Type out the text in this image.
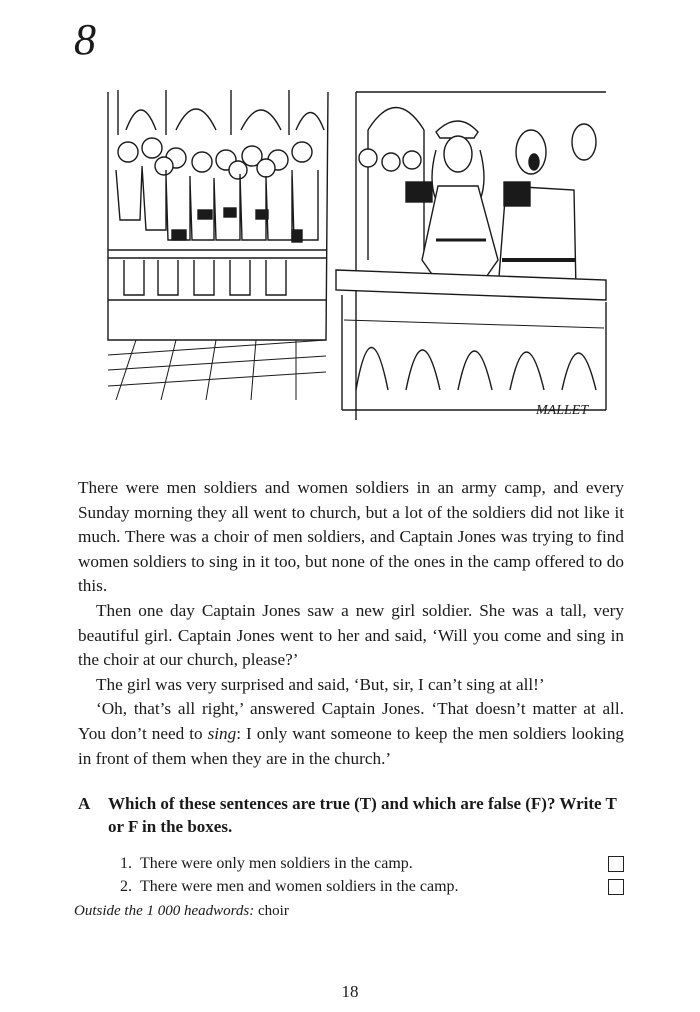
8
MALLET

There were men soldiers and women soldiers in an army camp, and every Sunday morning they all went to church, but a lot of the soldiers did not like it much. There was a choir of men soldiers, and Captain Jones was trying to find women soldiers to sing in it too, but none of the ones in the camp offered to do this.

Then one day Captain Jones saw a new girl soldier. She was a tall, very beautiful girl. Captain Jones went to her and said, ‘Will you come and sing in the choir at our church, please?’

The girl was very surprised and said, ‘But, sir, I can’t sing at all!’

‘Oh, that’s all right,’ answered Captain Jones. ‘That doesn’t matter at all. You don’t need to sing: I only want someone to keep the men soldiers looking in front of them when they are in the church.’

A	Which of these sentences are true (T) and which are false (F)? Write T or F in the boxes.
1. There were only men soldiers in the camp.
2. There were men and women soldiers in the camp.
Outside the 1 000 headwords: choir
18
